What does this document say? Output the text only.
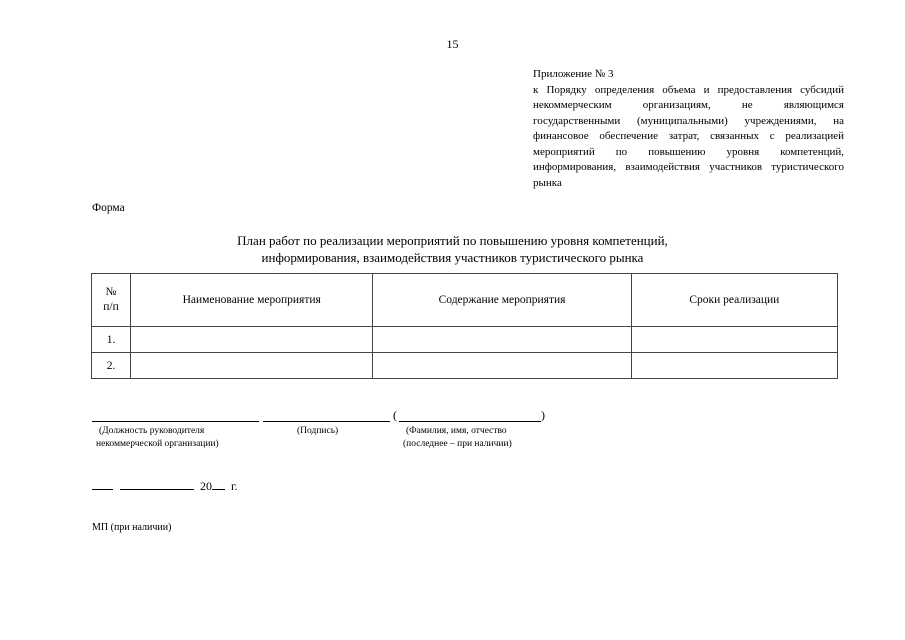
15
Приложение № 3
к Порядку определения объема и предоставления субсидий некоммерческим организациям, не являющимся государственными (муниципальными) учреждениями, на финансовое обеспечение затрат, связанных с реализацией мероприятий по повышению уровня компетенций, информирования, взаимодействия участников туристического рынка
Форма
План работ по реализации мероприятий по повышению уровня компетенций,
информирования, взаимодействия участников туристического рынка
№
п/п	Наименование мероприятия	Содержание мероприятия	Сроки реализации
1.			
2.			
(	)
(Должность руководителя
некоммерческой организации)
(Подпись)	(Фамилия, имя, отчество
(последнее – при наличии)
20 г.
МП (при наличии)
